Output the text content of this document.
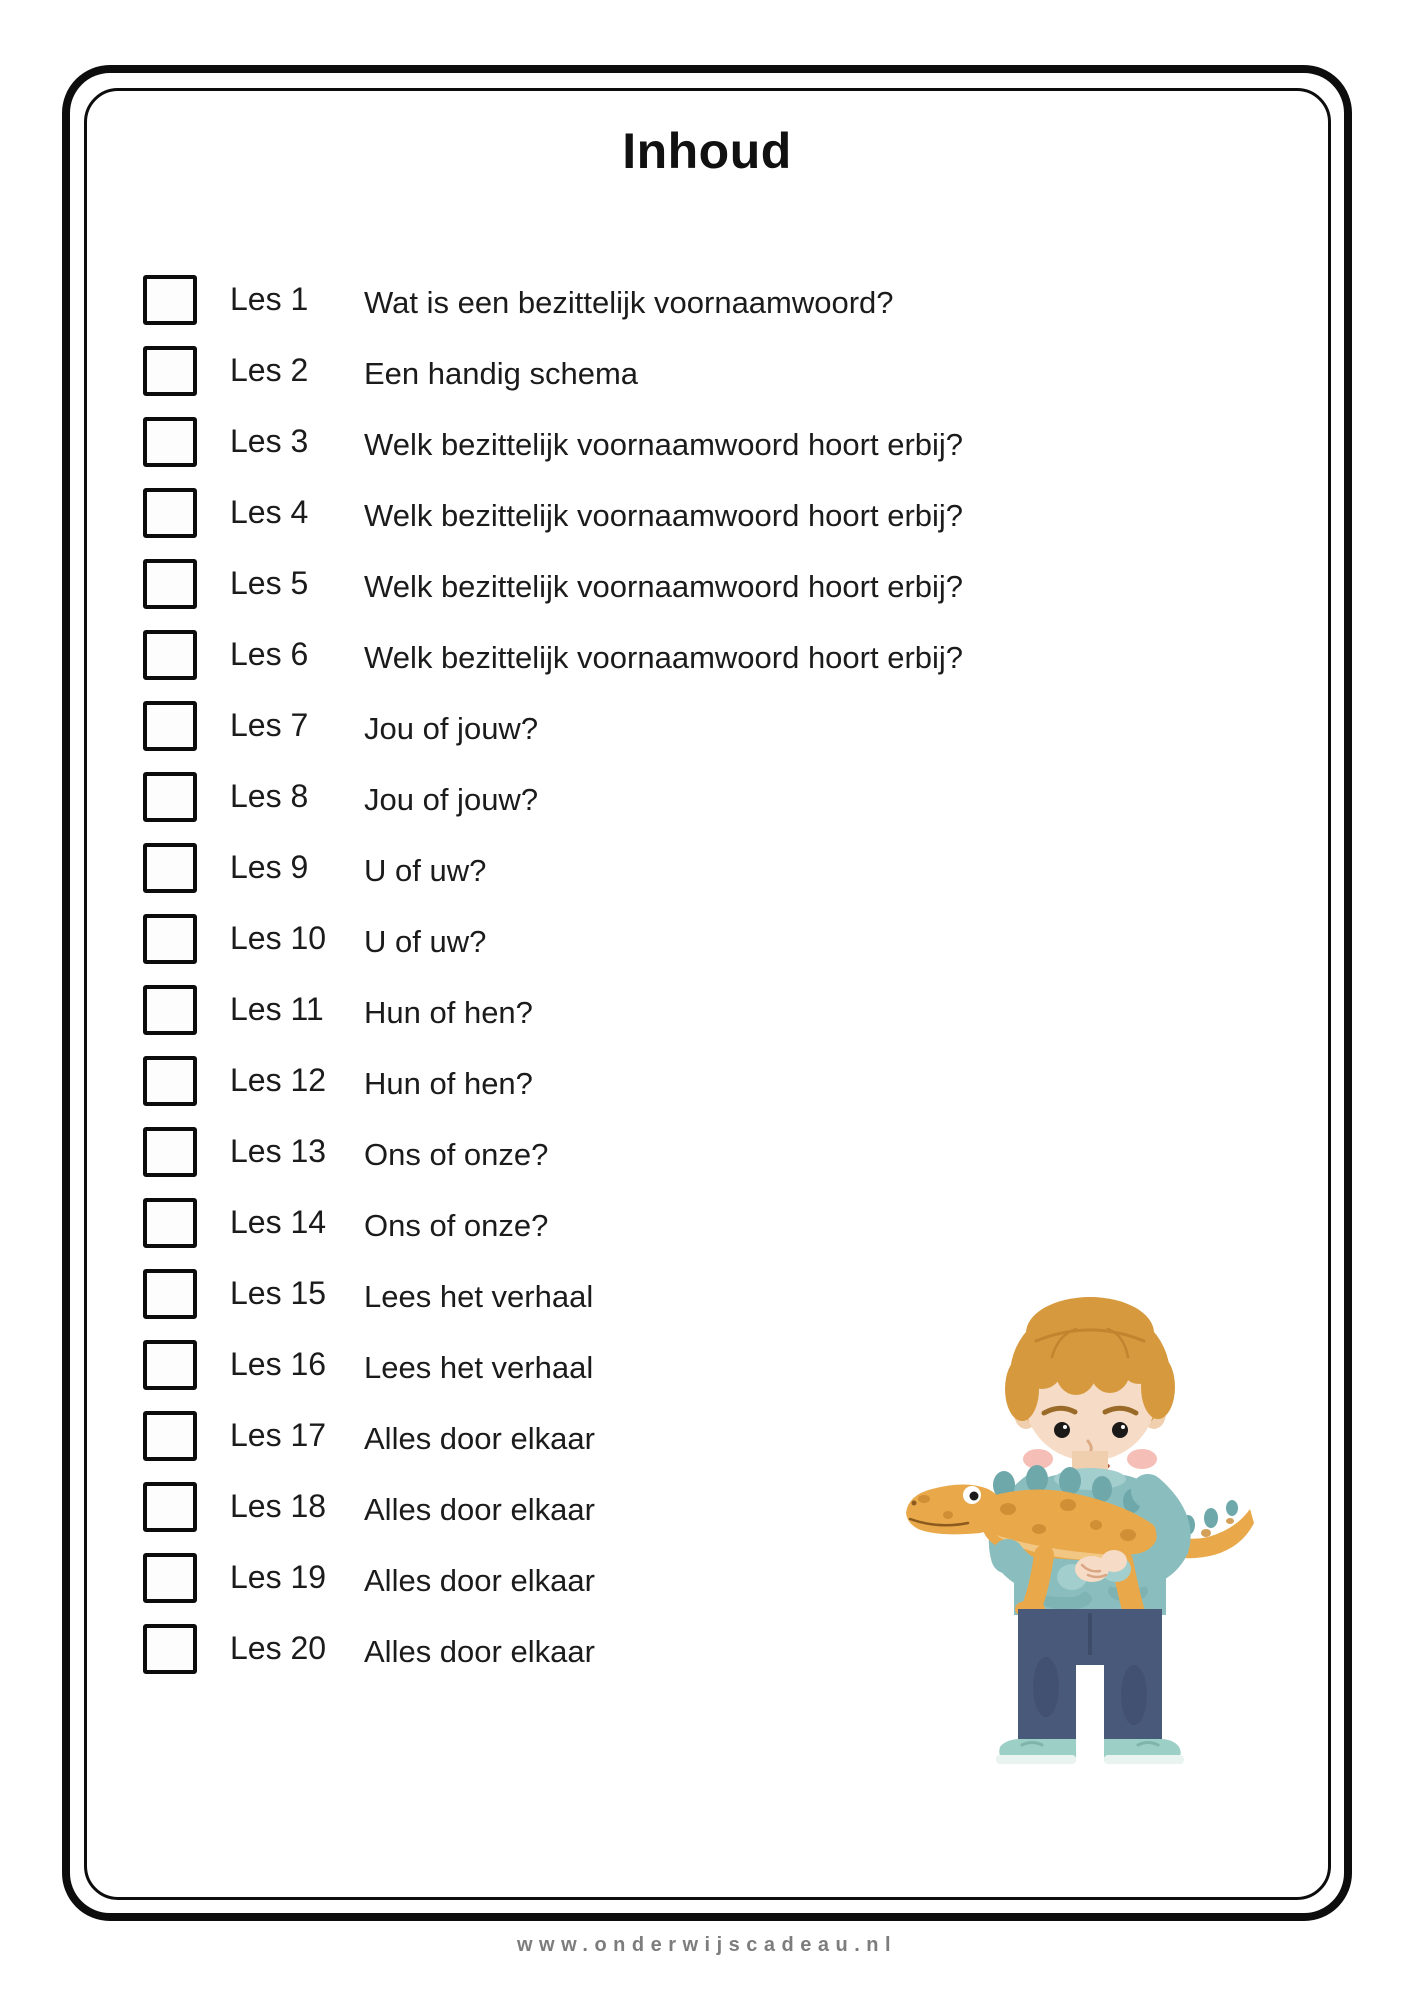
Inhoud
Les 1	Wat is een bezittelijk voornaamwoord?
Les 2	Een handig schema
Les 3	Welk bezittelijk voornaamwoord hoort erbij?
Les 4	Welk bezittelijk voornaamwoord hoort erbij?
Les 5	Welk bezittelijk voornaamwoord hoort erbij?
Les 6	Welk bezittelijk voornaamwoord hoort erbij?
Les 7	Jou of jouw?
Les 8	Jou of jouw?
Les 9	U of uw?
Les 10	U of uw?
Les 11	Hun of hen?
Les 12	Hun of hen?
Les 13	Ons of onze?
Les 14	Ons of onze?
Les 15	Lees het verhaal
Les 16	Lees het verhaal
Les 17	Alles door elkaar
Les 18	Alles door elkaar
Les 19	Alles door elkaar
Les 20	Alles door elkaar
www.onderwijscadeau.nl
